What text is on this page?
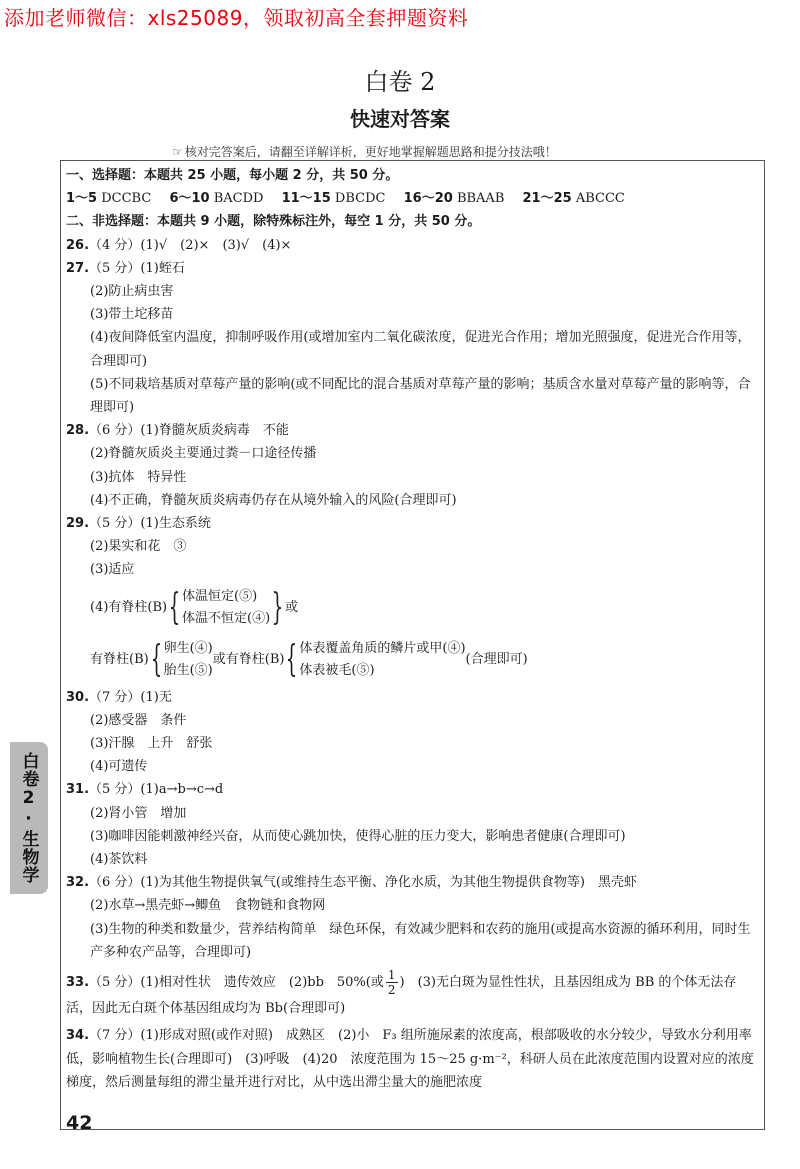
添加老师微信：xls25089，领取初高全套押题资料
白卷 2
快速对答案
☞ 核对完答案后，请翻至详解详析，更好地掌握解题思路和提分技法哦！
一、选择题：本题共 25 小题，每小题 2 分，共 50 分。
1～5 DCCBC 6～10 BACDD 11～15 DBCDC 16～20 BBAAB 21～25 ABCCC
二、非选择题：本题共 9 小题，除特殊标注外，每空 1 分，共 50 分。
26.（4 分）(1)√　(2)×　(3)√　(4)×
27.（5 分）(1)蛭石
(2)防止病虫害
(3)带土坨移苗
(4)夜间降低室内温度，抑制呼吸作用(或增加室内二氧化碳浓度，促进光合作用；增加光照强度，促进光合作用等，合理即可)
(5)不同栽培基质对草莓产量的影响(或不同配比的混合基质对草莓产量的影响；基质含水量对草莓产量的影响等，合理即可)
28.（6 分）(1)脊髓灰质炎病毒　不能
(2)脊髓灰质炎主要通过粪－口途径传播
(3)抗体　特异性
(4)不正确，脊髓灰质炎病毒仍存在从境外输入的风险(合理即可)
29.（5 分）(1)生态系统
(2)果实和花　③
(3)适应
(4)有脊柱(B) { 体温恒定(⑤)
体温不恒定(④) } 或
有脊柱(B) { 卵生(④)
胎生(⑤)
或有脊柱(B) { 体表覆盖角质的鳞片或甲(④)
体表被毛(⑤)
(合理即可)
30.（7 分）(1)无
(2)感受器　条件
(3)汗腺　上升　舒张
(4)可遗传
31.（5 分）(1)a→b→c→d
(2)肾小管　增加
(3)咖啡因能刺激神经兴奋，从而使心跳加快，使得心脏的压力变大，影响患者健康(合理即可)
(4)茶饮料
32.（6 分）(1)为其他生物提供氧气(或维持生态平衡、净化水质，为其他生物提供食物等)　黑壳虾
(2)水草→黑壳虾→鲫鱼　食物链和食物网
(3)生物的种类和数量少，营养结构简单　绿色环保，有效减少肥料和农药的施用(或提高水资源的循环利用，同时生产多种农产品等，合理即可)
33.（5 分）(1)相对性状　遗传效应　(2)bb　50%(或 $\frac{1}{2}$ )　(3)无白斑为显性性状，且基因组成为 BB 的个体无法存活，因此无白斑个体基因组成均为 Bb(合理即可)
34.（7 分）(1)形成对照(或作对照)　成熟区　(2)小　F₃ 组所施尿素的浓度高，根部吸收的水分较少，导致水分利用率低，影响植物生长(合理即可)　(3)呼吸　(4)20　浓度范围为 15～25 g·m⁻²，科研人员在此浓度范围内设置对应的浓度梯度，然后测量每组的滞尘量并进行对比，从中选出滞尘量大的施肥浓度
白卷2·生物学
42
